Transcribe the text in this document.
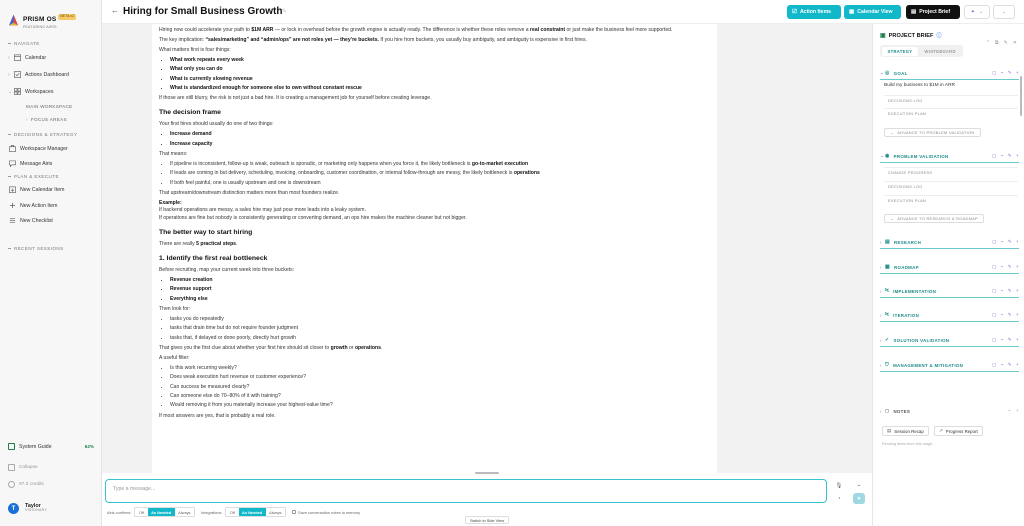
PRISM OSBETA v2
FEATURING AIRIS
NAVIGATE
›	Calendar
›	Actions Dashboard
⌄ Workspaces
MAIN WORKSPACE
› FOCUS AREAS
DECISIONS & STRATEGY
Workspace Manager
Message Airis
PLAN & EXECUTE
New Calendar Item
New Action Item
New Checklist
RECENT SESSIONS
System Guide	62%
Collapse
97.3 credits
T	Taylor
VISIONARY
← Hiring for Small Business Growth ✎	☑ Action Items	▦ Calendar View	▤ Project Brief	✦ ⌄	⌄

Hiring now could accelerate your path to $1M ARR — or lock in overhead before the growth engine is actually ready. The difference is whether these roles remove a real constraint or just make the business feel more supported.

The key implication: “sales/marketing” and “admin/ops” are not roles yet — they’re buckets. If you hire from buckets, you usually buy ambiguity, and ambiguity is expensive in first hires.

What matters first is four things:

• What work repeats every week
• What only you can do
• What is currently slowing revenue
• What is standardized enough for someone else to own without constant rescue

If those are still blurry, the risk is not just a bad hire. It is creating a management job for yourself before creating leverage.

The decision frame

Your first hires should usually do one of two things:

• Increase demand
• Increase capacity

That means:

• If pipeline is inconsistent, follow-up is weak, outreach is sporadic, or marketing only happens when you force it, the likely bottleneck is go-to-market execution
• If leads are coming in but delivery, scheduling, invoicing, onboarding, customer coordination, or internal follow-through are messy, the likely bottleneck is operations
• If both feel painful, one is usually upstream and one is downstream

That upstream/downstream distinction matters more than most founders realize.

Example:

If backend operations are messy, a sales hire may just pour more leads into a leaky system.

If operations are fine but nobody is consistently generating or converting demand, an ops hire makes the machine cleaner but not bigger.

The better way to start hiring

There are really 5 practical steps.

1. Identify the first real bottleneck

Before recruiting, map your current week into three buckets:

• Revenue creation
• Revenue support
• Everything else

Then look for:

• tasks you do repeatedly
• tasks that drain time but do not require founder judgment
• tasks that, if delayed or done poorly, directly hurt growth

That gives you the first clue about whether your first hire should sit closer to growth or operations.

A useful filter:

• Is this work recurring weekly?
• Does weak execution hurt revenue or customer experience?
• Can success be measured clearly?
• Can someone else do 70–80% of it with training?
• Would removing it from you materially increase your highest-value time?

If most answers are yes, that is probably a real role.

Type a message...
🎙	⌁
◔	➤
Airis confirms:	Off	As Needed	Always	Integrations:	Off	As Needed	Always	Save conversation notes to memory
Switch to Side View
▣ PROJECT BRIEF ⓘ
⌃ ⧉ ✎ ✕
STRATEGY	WHITEBOARD
⌄ ◎ GOAL	▢ ⌁ ✎ +
Build my business to $1M in ARR
DECISIONS LOG
EXECUTION PLAN
→ ADVANCE TO PROBLEM VALIDATION
⌄ ◉ PROBLEM VALIDATION	▢ ⌁ ✎ +
CHANGE PROGRESS
DECISIONS LOG
EXECUTION PLAN
→ ADVANCE TO RESEARCH & ROADMAP
› ▤ RESEARCH	▢ ⌁ ✎ +
› ▦ ROADMAP	▢ ⌁ ✎ +
› Ϟ IMPLEMENTATION	▢ ⌁ ✎ +
› Ϟ ITERATION	▢ ⌁ ✎ +
› ✓ SOLUTION VALIDATION	▢ ⌁ ✎ +
› ⛉ MANAGEMENT & MITIGATION	▢ ⌁ ✎ +
› ▢ NOTES	⌁ +
▤ Session Recap	↗ Progress Report
Pending items from this stage...
